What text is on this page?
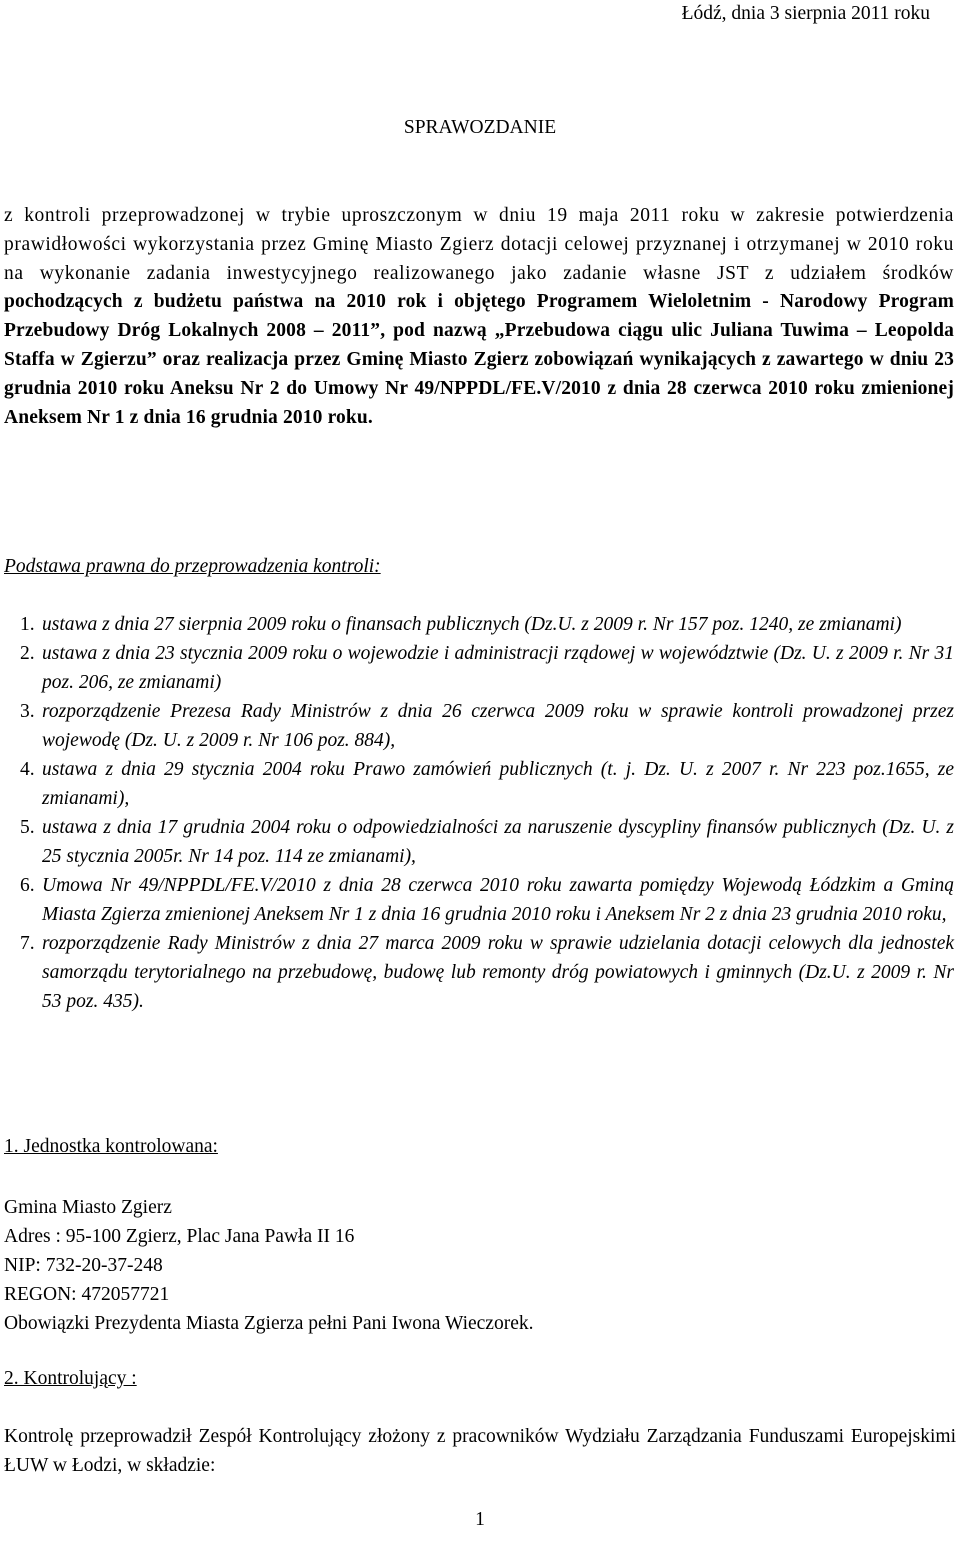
Łódź, dnia 3 sierpnia 2011 roku
SPRAWOZDANIE

z kontroli przeprowadzonej w trybie uproszczonym w dniu 19 maja 2011 roku w zakresie potwierdzenia prawidłowości wykorzystania przez Gminę Miasto Zgierz dotacji celowej przyznanej i otrzymanej w 2010 roku na wykonanie zadania inwestycyjnego realizowanego jako zadanie własne JST z udziałem środków pochodzących z budżetu państwa na 2010 rok i objętego Programem Wieloletnim - Narodowy Program Przebudowy Dróg Lokalnych 2008 – 2011”, pod nazwą „Przebudowa ciągu ulic Juliana Tuwima – Leopolda Staffa w Zgierzu” oraz realizacja przez Gminę Miasto Zgierz zobowiązań wynikających z zawartego w dniu 23 grudnia 2010 roku Aneksu Nr 2 do Umowy Nr 49/NPPDL/FE.V/2010 z dnia 28 czerwca 2010 roku zmienionej Aneksem Nr 1 z dnia 16 grudnia 2010 roku.

Podstawa prawna do przeprowadzenia kontroli:
1. ustawa z dnia 27 sierpnia 2009 roku o finansach publicznych (Dz.U. z 2009 r. Nr 157 poz. 1240, ze zmianami)
2. ustawa z dnia 23 stycznia 2009 roku o wojewodzie i administracji rządowej w województwie (Dz. U. z 2009 r. Nr 31 poz. 206, ze zmianami)
3. rozporządzenie Prezesa Rady Ministrów z dnia 26 czerwca 2009 roku w sprawie kontroli prowadzonej przez wojewodę (Dz. U. z 2009 r. Nr 106 poz. 884),
4. ustawa z dnia 29 stycznia 2004 roku Prawo zamówień publicznych (t. j. Dz. U. z 2007 r. Nr 223 poz.1655, ze zmianami),
5. ustawa z dnia 17 grudnia 2004 roku o odpowiedzialności za naruszenie dyscypliny finansów publicznych (Dz. U. z 25 stycznia 2005r. Nr 14 poz. 114 ze zmianami),
6. Umowa Nr 49/NPPDL/FE.V/2010 z dnia 28 czerwca 2010 roku zawarta pomiędzy Wojewodą Łódzkim a Gminą Miasta Zgierza zmienionej Aneksem Nr 1 z dnia 16 grudnia 2010 roku i Aneksem Nr 2 z dnia 23 grudnia 2010 roku,
7. rozporządzenie Rady Ministrów z dnia 27 marca 2009 roku w sprawie udzielania dotacji celowych dla jednostek samorządu terytorialnego na przebudowę, budowę lub remonty dróg powiatowych i gminnych (Dz.U. z 2009 r. Nr 53 poz. 435).
1. Jednostka kontrolowana:
Gmina Miasto Zgierz
Adres : 95-100 Zgierz, Plac Jana Pawła II 16
NIP: 732-20-37-248
REGON: 472057721
Obowiązki Prezydenta Miasta Zgierza pełni Pani Iwona Wieczorek.
2. Kontrolujący :

Kontrolę przeprowadził Zespół Kontrolujący złożony z pracowników Wydziału Zarządzania Funduszami Europejskimi ŁUW w Łodzi, w składzie:

1
